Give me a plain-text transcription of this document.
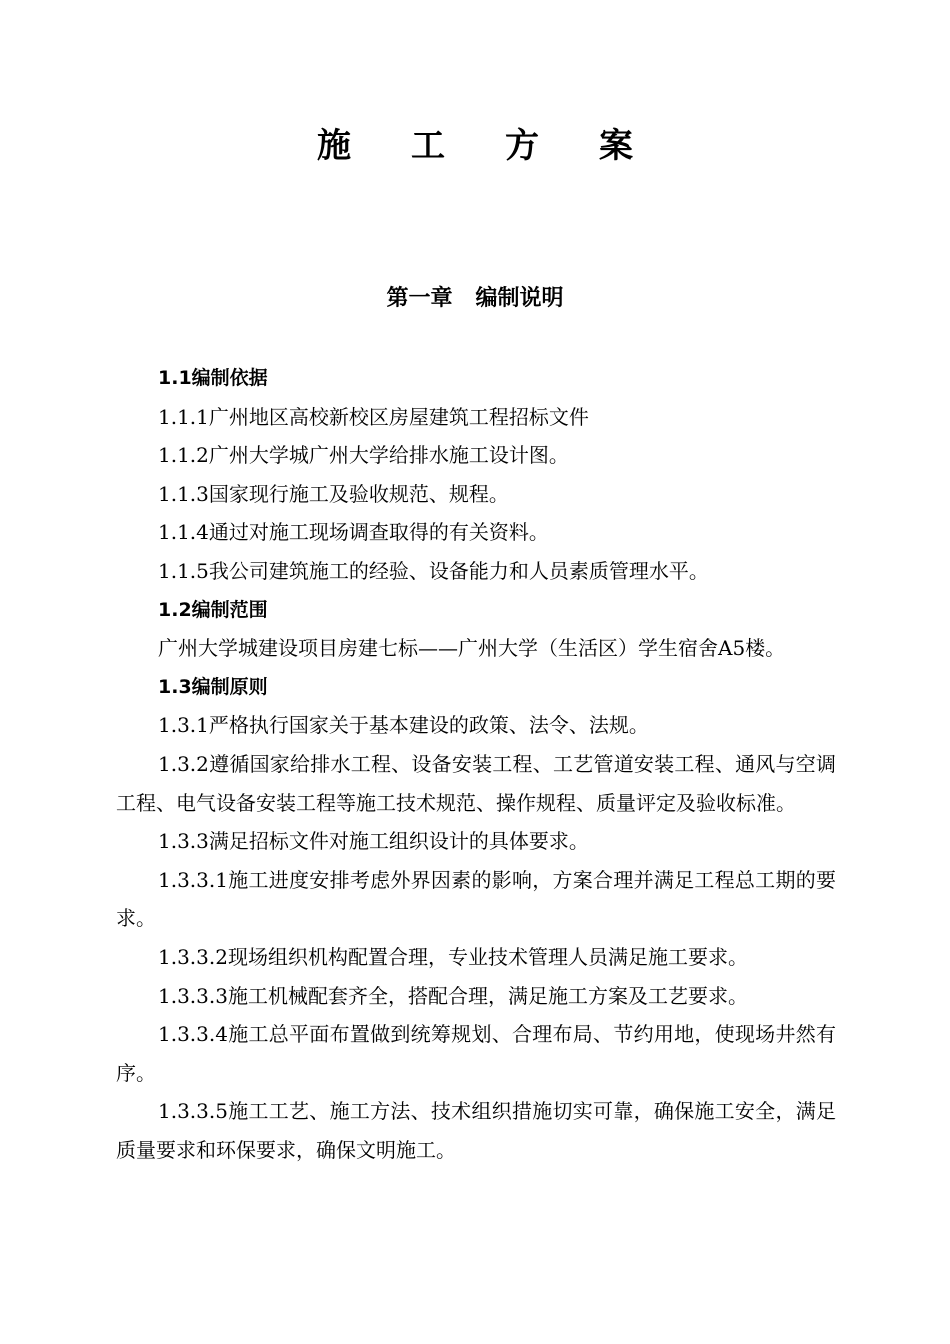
施工方案
第一章 编制说明

1.1编制依据

1.1.1广州地区高校新校区房屋建筑工程招标文件

1.1.2广州大学城广州大学给排水施工设计图。

1.1.3国家现行施工及验收规范、规程。

1.1.4通过对施工现场调查取得的有关资料。

1.1.5我公司建筑施工的经验、设备能力和人员素质管理水平。

1.2编制范围

广州大学城建设项目房建七标——广州大学（生活区）学生宿舍A5楼。

1.3编制原则

1.3.1严格执行国家关于基本建设的政策、法令、法规。

1.3.2遵循国家给排水工程、设备安装工程、工艺管道安装工程、通风与空调工程、电气设备安装工程等施工技术规范、操作规程、质量评定及验收标准。

1.3.3满足招标文件对施工组织设计的具体要求。

1.3.3.1施工进度安排考虑外界因素的影响，方案合理并满足工程总工期的要求。

1.3.3.2现场组织机构配置合理，专业技术管理人员满足施工要求。

1.3.3.3施工机械配套齐全，搭配合理，满足施工方案及工艺要求。

1.3.3.4施工总平面布置做到统筹规划、合理布局、节约用地，使现场井然有序。

1.3.3.5施工工艺、施工方法、技术组织措施切实可靠，确保施工安全，满足质量要求和环保要求，确保文明施工。
